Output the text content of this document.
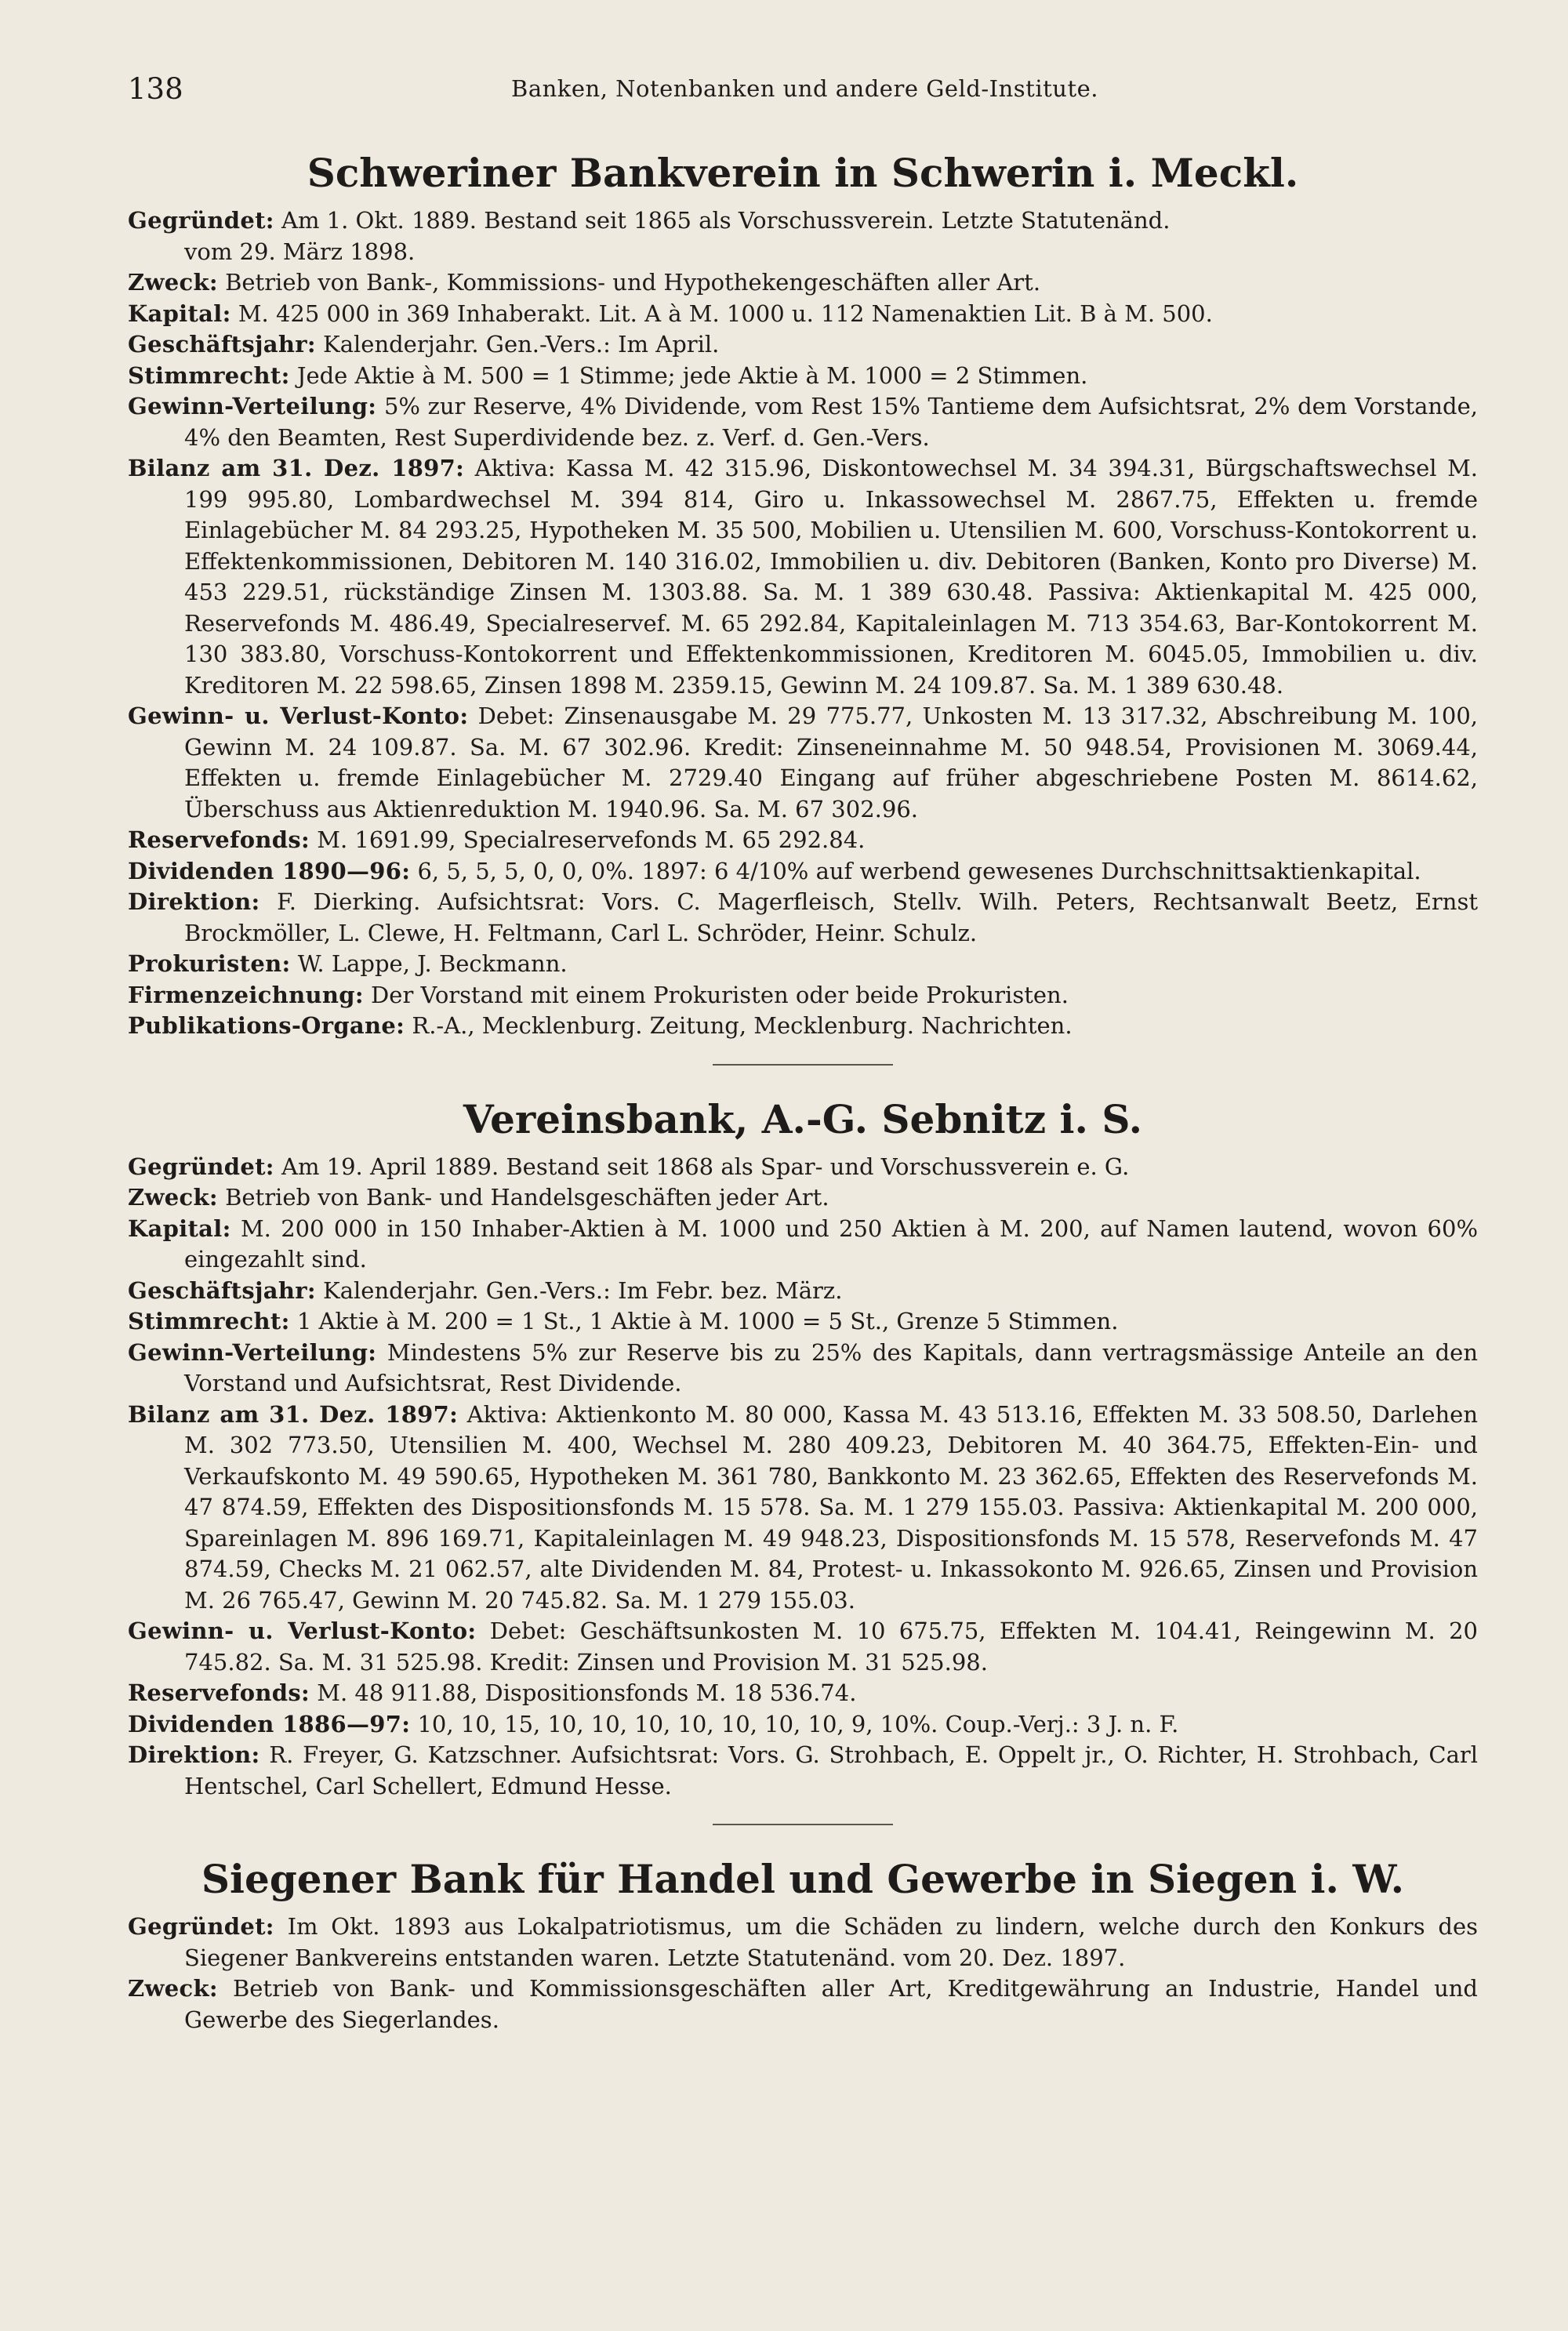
138	Banken, Notenbanken und andere Geld-Institute.
Schweriner Bankverein in Schwerin i. Meckl.
Gegründet: Am 1. Okt. 1889. Bestand seit 1865 als Vorschussverein. Letzte Statutenänd.
vom 29. März 1898.
Zweck: Betrieb von Bank-, Kommissions- und Hypothekengeschäften aller Art.
Kapital: M. 425 000 in 369 Inhaberakt. Lit. A à M. 1000 u. 112 Namenaktien Lit. B à M. 500.
Geschäftsjahr: Kalenderjahr. Gen.-Vers.: Im April.
Stimmrecht: Jede Aktie à M. 500 = 1 Stimme; jede Aktie à M. 1000 = 2 Stimmen.
Gewinn-Verteilung: 5% zur Reserve, 4% Dividende, vom Rest 15% Tantieme dem Aufsichtsrat, 2% dem Vorstande, 4% den Beamten, Rest Superdividende bez. z. Verf. d. Gen.-Vers.
Bilanz am 31. Dez. 1897: Aktiva: Kassa M. 42 315.96, Diskontowechsel M. 34 394.31, Bürgschaftswechsel M. 199 995.80, Lombardwechsel M. 394 814, Giro u. Inkassowechsel M. 2867.75, Effekten u. fremde Einlagebücher M. 84 293.25, Hypotheken M. 35 500, Mobilien u. Utensilien M. 600, Vorschuss-Kontokorrent u. Effektenkommissionen, Debitoren M. 140 316.02, Immobilien u. div. Debitoren (Banken, Konto pro Diverse) M. 453 229.51, rückständige Zinsen M. 1303.88. Sa. M. 1 389 630.48. Passiva: Aktienkapital M. 425 000, Reservefonds M. 486.49, Specialreservef. M. 65 292.84, Kapitaleinlagen M. 713 354.63, Bar-Kontokorrent M. 130 383.80, Vorschuss-Kontokorrent und Effektenkommissionen, Kreditoren M. 6045.05, Immobilien u. div. Kreditoren M. 22 598.65, Zinsen 1898 M. 2359.15, Gewinn M. 24 109.87. Sa. M. 1 389 630.48.
Gewinn- u. Verlust-Konto: Debet: Zinsenausgabe M. 29 775.77, Unkosten M. 13 317.32, Abschreibung M. 100, Gewinn M. 24 109.87. Sa. M. 67 302.96. Kredit: Zinseneinnahme M. 50 948.54, Provisionen M. 3069.44, Effekten u. fremde Einlagebücher M. 2729.40 Eingang auf früher abgeschriebene Posten M. 8614.62, Überschuss aus Aktienreduktion M. 1940.96. Sa. M. 67 302.96.
Reservefonds: M. 1691.99, Specialreservefonds M. 65 292.84.
Dividenden 1890—96: 6, 5, 5, 5, 0, 0, 0%. 1897: 6 4/10% auf werbend gewesenes Durchschnittsaktienkapital.
Direktion: F. Dierking. Aufsichtsrat: Vors. C. Magerfleisch, Stellv. Wilh. Peters, Rechtsanwalt Beetz, Ernst Brockmöller, L. Clewe, H. Feltmann, Carl L. Schröder, Heinr. Schulz.
Prokuristen: W. Lappe, J. Beckmann.
Firmenzeichnung: Der Vorstand mit einem Prokuristen oder beide Prokuristen.
Publikations-Organe: R.-A., Mecklenburg. Zeitung, Mecklenburg. Nachrichten.
Vereinsbank, A.-G. Sebnitz i. S.
Gegründet: Am 19. April 1889. Bestand seit 1868 als Spar- und Vorschussverein e. G.
Zweck: Betrieb von Bank- und Handelsgeschäften jeder Art.
Kapital: M. 200 000 in 150 Inhaber-Aktien à M. 1000 und 250 Aktien à M. 200, auf Namen lautend, wovon 60% eingezahlt sind.
Geschäftsjahr: Kalenderjahr. Gen.-Vers.: Im Febr. bez. März.
Stimmrecht: 1 Aktie à M. 200 = 1 St., 1 Aktie à M. 1000 = 5 St., Grenze 5 Stimmen.
Gewinn-Verteilung: Mindestens 5% zur Reserve bis zu 25% des Kapitals, dann vertragsmässige Anteile an den Vorstand und Aufsichtsrat, Rest Dividende.
Bilanz am 31. Dez. 1897: Aktiva: Aktienkonto M. 80 000, Kassa M. 43 513.16, Effekten M. 33 508.50, Darlehen M. 302 773.50, Utensilien M. 400, Wechsel M. 280 409.23, Debitoren M. 40 364.75, Effekten-Ein- und Verkaufskonto M. 49 590.65, Hypotheken M. 361 780, Bankkonto M. 23 362.65, Effekten des Reservefonds M. 47 874.59, Effekten des Dispositionsfonds M. 15 578. Sa. M. 1 279 155.03. Passiva: Aktienkapital M. 200 000, Spareinlagen M. 896 169.71, Kapitaleinlagen M. 49 948.23, Dispositionsfonds M. 15 578, Reservefonds M. 47 874.59, Checks M. 21 062.57, alte Dividenden M. 84, Protest- u. Inkassokonto M. 926.65, Zinsen und Provision M. 26 765.47, Gewinn M. 20 745.82. Sa. M. 1 279 155.03.
Gewinn- u. Verlust-Konto: Debet: Geschäftsunkosten M. 10 675.75, Effekten M. 104.41, Reingewinn M. 20 745.82. Sa. M. 31 525.98. Kredit: Zinsen und Provision M. 31 525.98.
Reservefonds: M. 48 911.88, Dispositionsfonds M. 18 536.74.
Dividenden 1886—97: 10, 10, 15, 10, 10, 10, 10, 10, 10, 10, 9, 10%. Coup.-Verj.: 3 J. n. F.
Direktion: R. Freyer, G. Katzschner. Aufsichtsrat: Vors. G. Strohbach, E. Oppelt jr., O. Richter, H. Strohbach, Carl Hentschel, Carl Schellert, Edmund Hesse.
Siegener Bank für Handel und Gewerbe in Siegen i. W.
Gegründet: Im Okt. 1893 aus Lokalpatriotismus, um die Schäden zu lindern, welche durch den Konkurs des Siegener Bankvereins entstanden waren. Letzte Statutenänd. vom 20. Dez. 1897.
Zweck: Betrieb von Bank- und Kommissionsgeschäften aller Art, Kreditgewährung an Industrie, Handel und Gewerbe des Siegerlandes.
